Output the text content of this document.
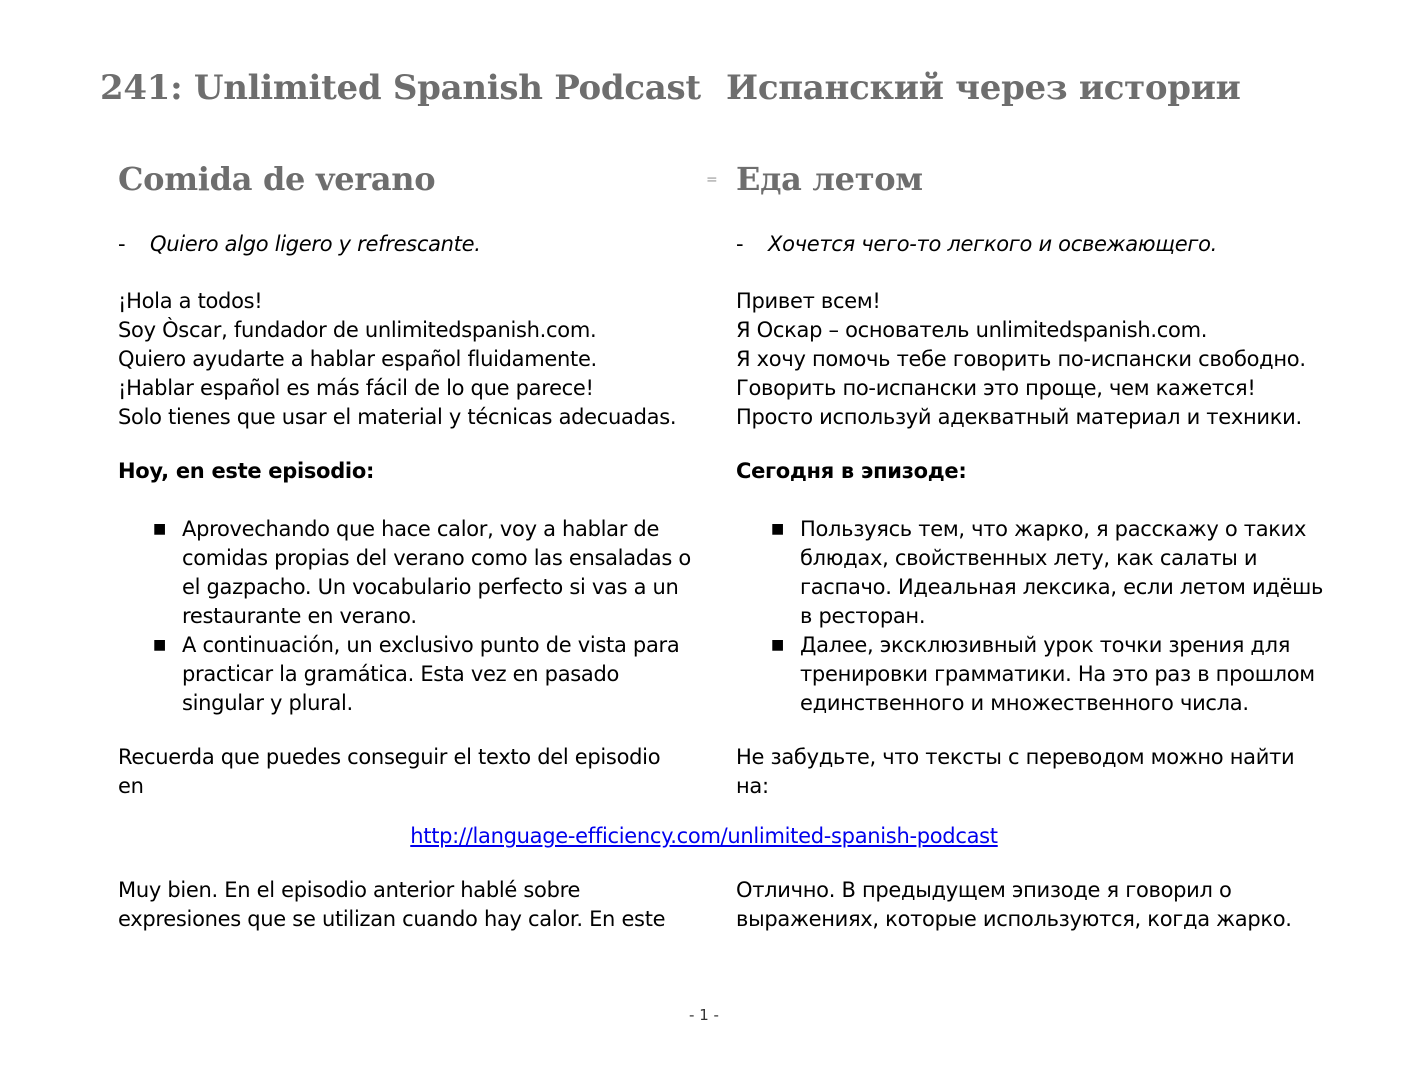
241: Unlimited Spanish Podcast Испанский через истории
Comida de verano	= Еда летом
- Quiero algo ligero y refrescante.
¡Hola a todos!
Soy Òscar, fundador de unlimitedspanish.com.
Quiero ayudarte a hablar español fluidamente.
¡Hablar español es más fácil de lo que parece!
Solo tienes que usar el material y técnicas adecuadas.
Hoy, en este episodio:
■ Aprovechando que hace calor, voy a hablar de
comidas propias del verano como las ensaladas o
el gazpacho. Un vocabulario perfecto si vas a un
restaurante en verano.
■ A continuación, un exclusivo punto de vista para
practicar la gramática. Esta vez en pasado
singular y plural.
Recuerda que puedes conseguir el texto del episodio
en
- Хочется чего-то легкого и освежающего.
Привет всем!
Я Оскар – основатель unlimitedspanish.com.
Я хочу помочь тебе говорить по-испански свободно.
Говорить по-испански это проще, чем кажется!
Просто используй адекватный материал и техники.
Сегодня в эпизоде:
■ Пользуясь тем, что жарко, я расскажу о таких
блюдах, свойственных лету, как салаты и
гаспачо. Идеальная лексика, если летом идёшь
в ресторан.
■ Далее, эксклюзивный урок точки зрения для
тренировки грамматики. На это раз в прошлом
единственного и множественного числа.
Не забудьте, что тексты с переводом можно найти
на:
http://language-efficiency.com/unlimited-spanish-podcast
Muy bien. En el episodio anterior hablé sobre
expresiones que se utilizan cuando hay calor. En este
Отлично. В предыдущем эпизоде я говорил о
выражениях, которые используются, когда жарко.
- 1 -
